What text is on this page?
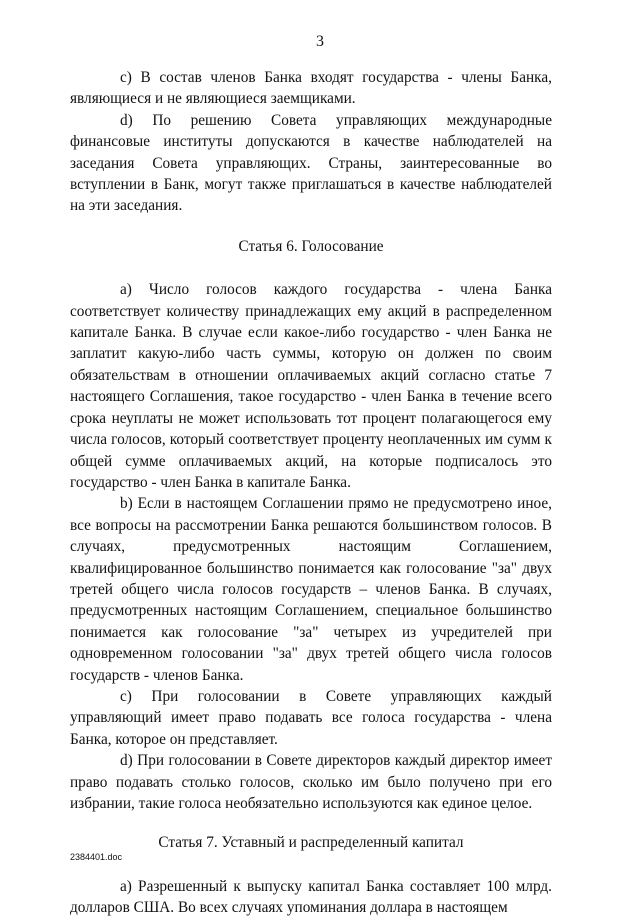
3

c) В состав членов Банка входят государства - члены Банка, являющиеся и не являющиеся заемщиками.

d) По решению Совета управляющих международные финансовые институты допускаются в качестве наблюдателей на заседания Совета управляющих. Страны, заинтересованные во вступлении в Банк, могут также приглашаться в качестве наблюдателей на эти заседания.

Статья 6. Голосование

а) Число голосов каждого государства - члена Банка соответствует количеству принадлежащих ему акций в распределенном капитале Банка. В случае если какое-либо государство - член Банка не заплатит какую-либо часть суммы, которую он должен по своим обязательствам в отношении оплачиваемых акций согласно статье 7 настоящего Соглашения, такое государство - член Банка в течение всего срока неуплаты не может использовать тот процент полагающегося ему числа голосов, который соответствует проценту неоплаченных им сумм к общей сумме оплачиваемых акций, на которые подписалось это государство - член Банка в капитале Банка.

b) Если в настоящем Соглашении прямо не предусмотрено иное, все вопросы на рассмотрении Банка решаются большинством голосов. В случаях, предусмотренных настоящим Соглашением, квалифицированное большинство понимается как голосование "за" двух третей общего числа голосов государств – членов Банка. В случаях, предусмотренных настоящим Соглашением, специальное большинство понимается как голосование "за" четырех из учредителей при одновременном голосовании "за" двух третей общего числа голосов государств - членов Банка.

c) При голосовании в Совете управляющих каждый управляющий имеет право подавать все голоса государства - члена Банка, которое он представляет.

d) При голосовании в Совете директоров каждый директор имеет право подавать столько голосов, сколько им было получено при его избрании, такие голоса необязательно используются как единое целое.

Статья 7. Уставный и распределенный капитал

а) Разрешенный к выпуску капитал Банка составляет 100 млрд. долларов США. Во всех случаях упоминания доллара в настоящем

2384401.doc
